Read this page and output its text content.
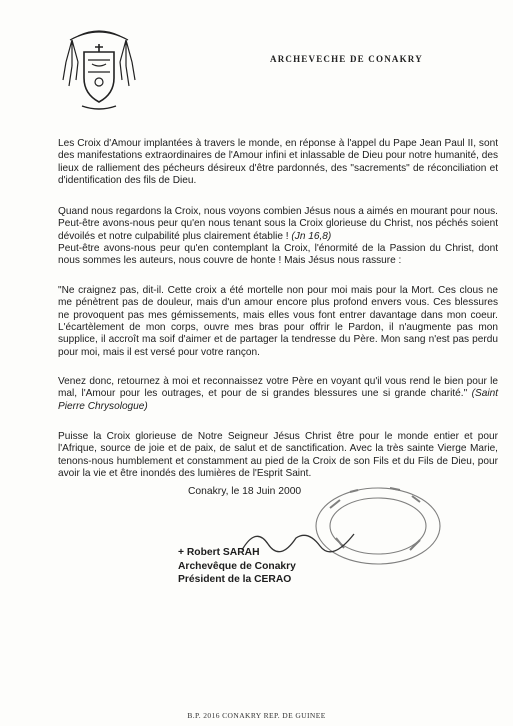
ARCHEVECHE DE CONAKRY

Les Croix d'Amour implantées à travers le monde, en réponse à l'appel du Pape Jean Paul II, sont des manifestations extraordinaires de l'Amour infini et inlassable de Dieu pour notre humanité, des lieux de ralliement des pécheurs désireux d'être pardonnés, des "sacrements" de réconciliation et d'identification des fils de Dieu.

Quand nous regardons la Croix, nous voyons combien Jésus nous a aimés en mourant pour nous. Peut-être avons-nous peur qu'en nous tenant sous la Croix glorieuse du Christ, nos péchés soient dévoilés et notre culpabilité plus clairement établie ! (Jn 16,8)
Peut-être avons-nous peur qu'en contemplant la Croix, l'énormité de la Passion du Christ, dont nous sommes les auteurs, nous couvre de honte ! Mais Jésus nous rassure :

"Ne craignez pas, dit-il. Cette croix a été mortelle non pour moi mais pour la Mort. Ces clous ne me pénètrent pas de douleur, mais d'un amour encore plus profond envers vous. Ces blessures ne provoquent pas mes gémissements, mais elles vous font entrer davantage dans mon coeur. L'écartèlement de mon corps, ouvre mes bras pour offrir le Pardon, il n'augmente pas mon supplice, il accroît ma soif d'aimer et de partager la tendresse du Père. Mon sang n'est pas perdu pour moi, mais il est versé pour votre rançon.

Venez donc, retournez à moi et reconnaissez votre Père en voyant qu'il vous rend le bien pour le mal, l'Amour pour les outrages, et pour de si grandes blessures une si grande charité." (Saint Pierre Chrysologue)

Puisse la Croix glorieuse de Notre Seigneur Jésus Christ être pour le monde entier et pour l'Afrique, source de joie et de paix, de salut et de sanctification. Avec la très sainte Vierge Marie, tenons-nous humblement et constamment au pied de la Croix de son Fils et du Fils de Dieu, pour avoir la vie et être inondés des lumières de l'Esprit Saint.

Conakry, le 18 Juin 2000
+ Robert SARAH
Archevêque de Conakry
Président de la CERAO
B.P. 2016 CONAKRY REP. DE GUINEE
